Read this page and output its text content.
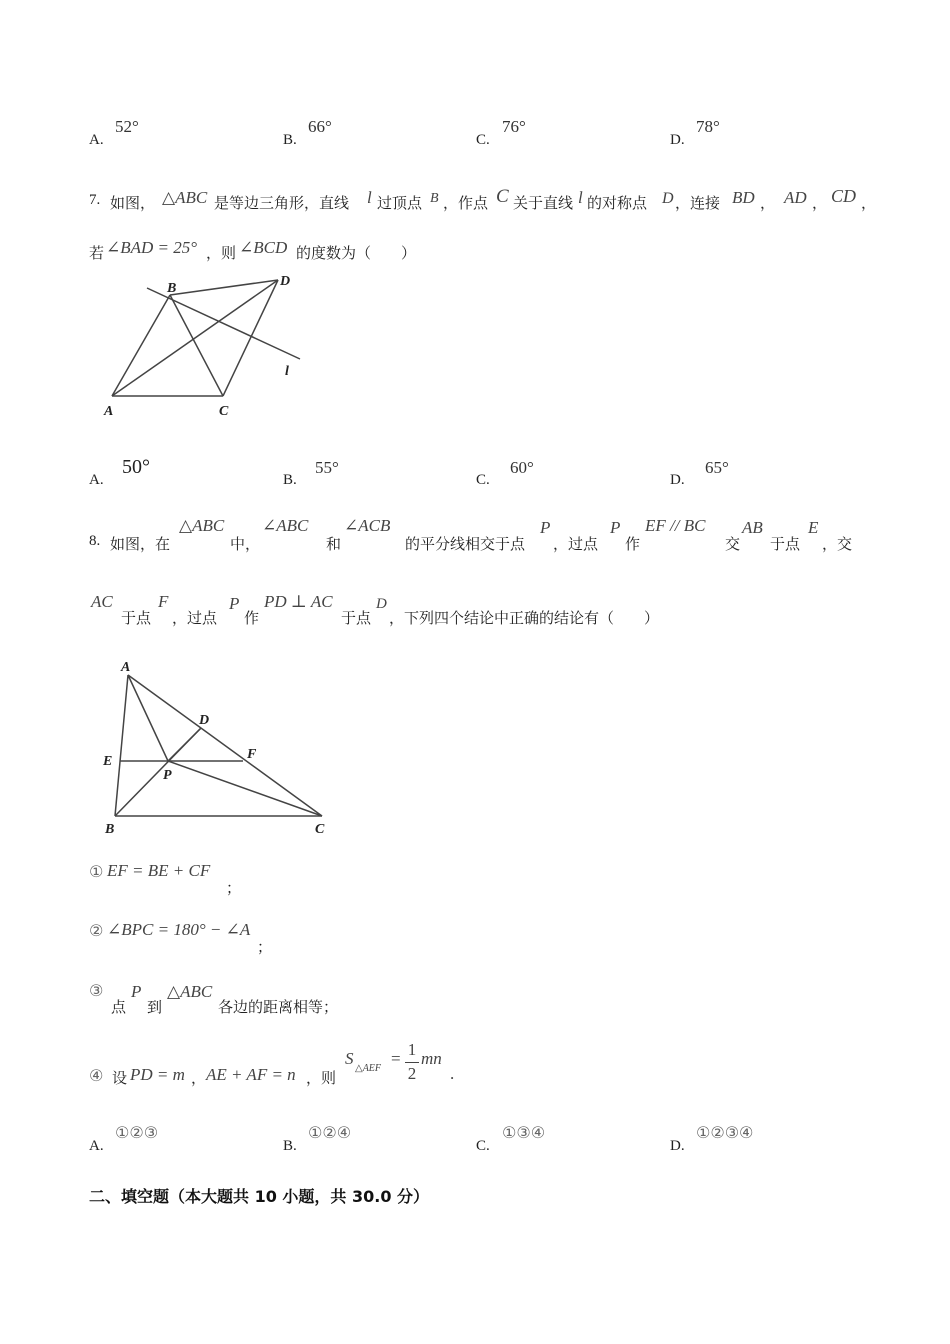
A.
52°
B.
66°
C.
76°
D.
78°
7. 如图， △ABC 是等边三角形，直线 l 过顶点 B ，作点 C 关于直线 l 的对称点 D ，连接 BD ， AD ， CD ，
若 ∠BAD = 25° ，则 ∠BCD 的度数为（　　）
A
B
C
D
l
A.
50°
B.
55°
C.
60°
D.
65°
8. 如图，在
△ABC
中，
∠ABC
和
∠ACB
的平分线相交于点
P
，过点
P
作
EF // BC
交
AB
于点
E
，交
AC
于点
F
，过点
P
作
PD ⊥ AC
于点
D
，下列四个结论中正确的结论有（　　）
A
B	C
D
E	F
P
① EF = BE + CF
；
② ∠BPC = 180° − ∠A
；
③
点
P
到
△ABC
各边的距离相等；
④ 设 PD = m ， AE + AF = n ，则
S
△AEF
= 1
2
mn
.
A.
①②③
B.
①②④
C.
①③④
D.
①②③④
二、填空题（本大题共 10 小题，共 30.0 分）
